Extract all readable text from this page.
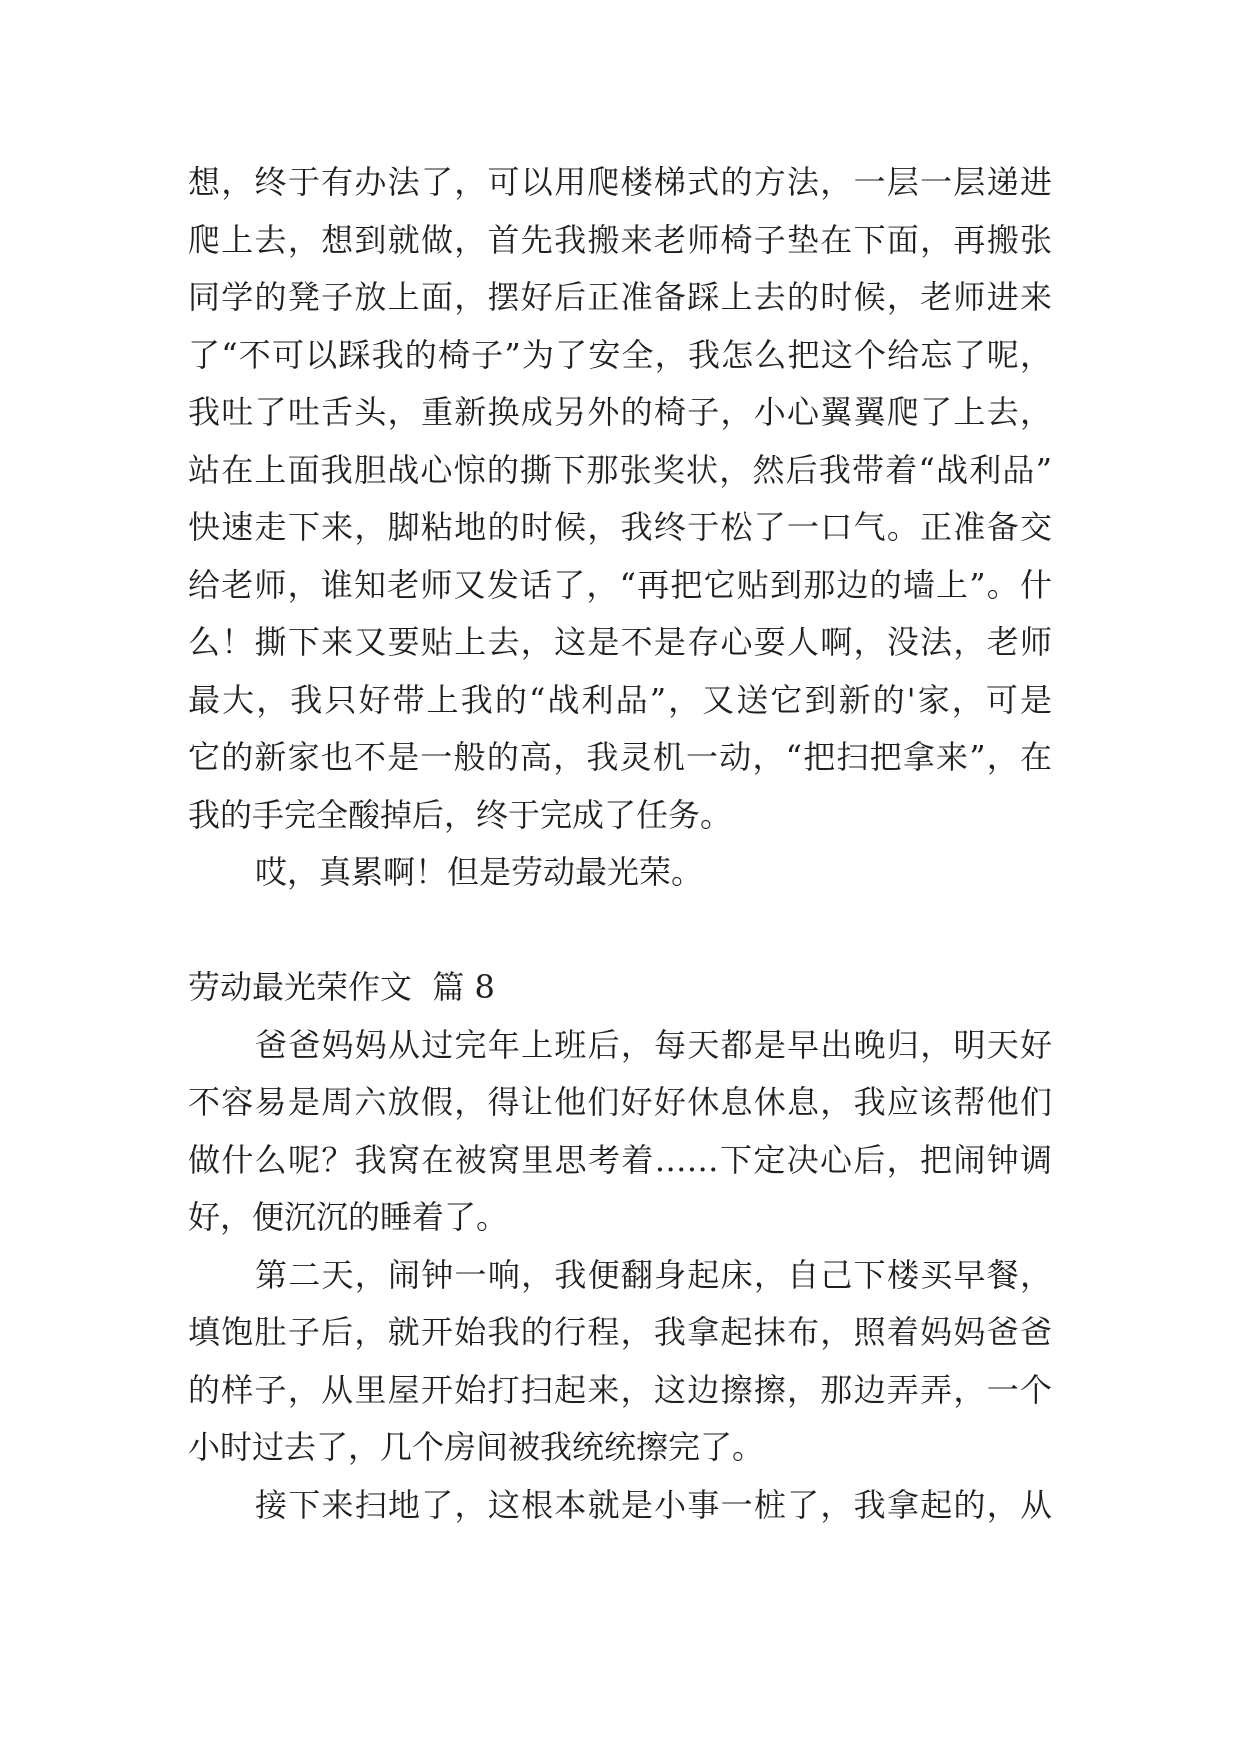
想，终于有办法了，可以用爬楼梯式的方法，一层一层递进
爬上去，想到就做，首先我搬来老师椅子垫在下面，再搬张
同学的凳子放上面，摆好后正准备踩上去的时候，老师进来
了“不可以踩我的椅子”为了安全，我怎么把这个给忘了呢，
我吐了吐舌头，重新换成另外的椅子，小心翼翼爬了上去，
站在上面我胆战心惊的撕下那张奖状，然后我带着“战利品”
快速走下来，脚粘地的时候，我终于松了一口气。正准备交
给老师，谁知老师又发话了，“再把它贴到那边的墙上”。什
么！撕下来又要贴上去，这是不是存心耍人啊，没法，老师
最大，我只好带上我的“战利品”，又送它到新的'家，可是
它的新家也不是一般的高，我灵机一动，“把扫把拿来”，在
我的手完全酸掉后，终于完成了任务。
哎，真累啊！但是劳动最光荣。
劳动最光荣作文  篇 8
爸爸妈妈从过完年上班后，每天都是早出晚归，明天好
不容易是周六放假，得让他们好好休息休息，我应该帮他们
做什么呢？我窝在被窝里思考着……下定决心后，把闹钟调
好，便沉沉的睡着了。
第二天，闹钟一响，我便翻身起床，自己下楼买早餐，
填饱肚子后，就开始我的行程，我拿起抹布，照着妈妈爸爸
的样子，从里屋开始打扫起来，这边擦擦，那边弄弄，一个
小时过去了，几个房间被我统统擦完了。
接下来扫地了，这根本就是小事一桩了，我拿起的，从
